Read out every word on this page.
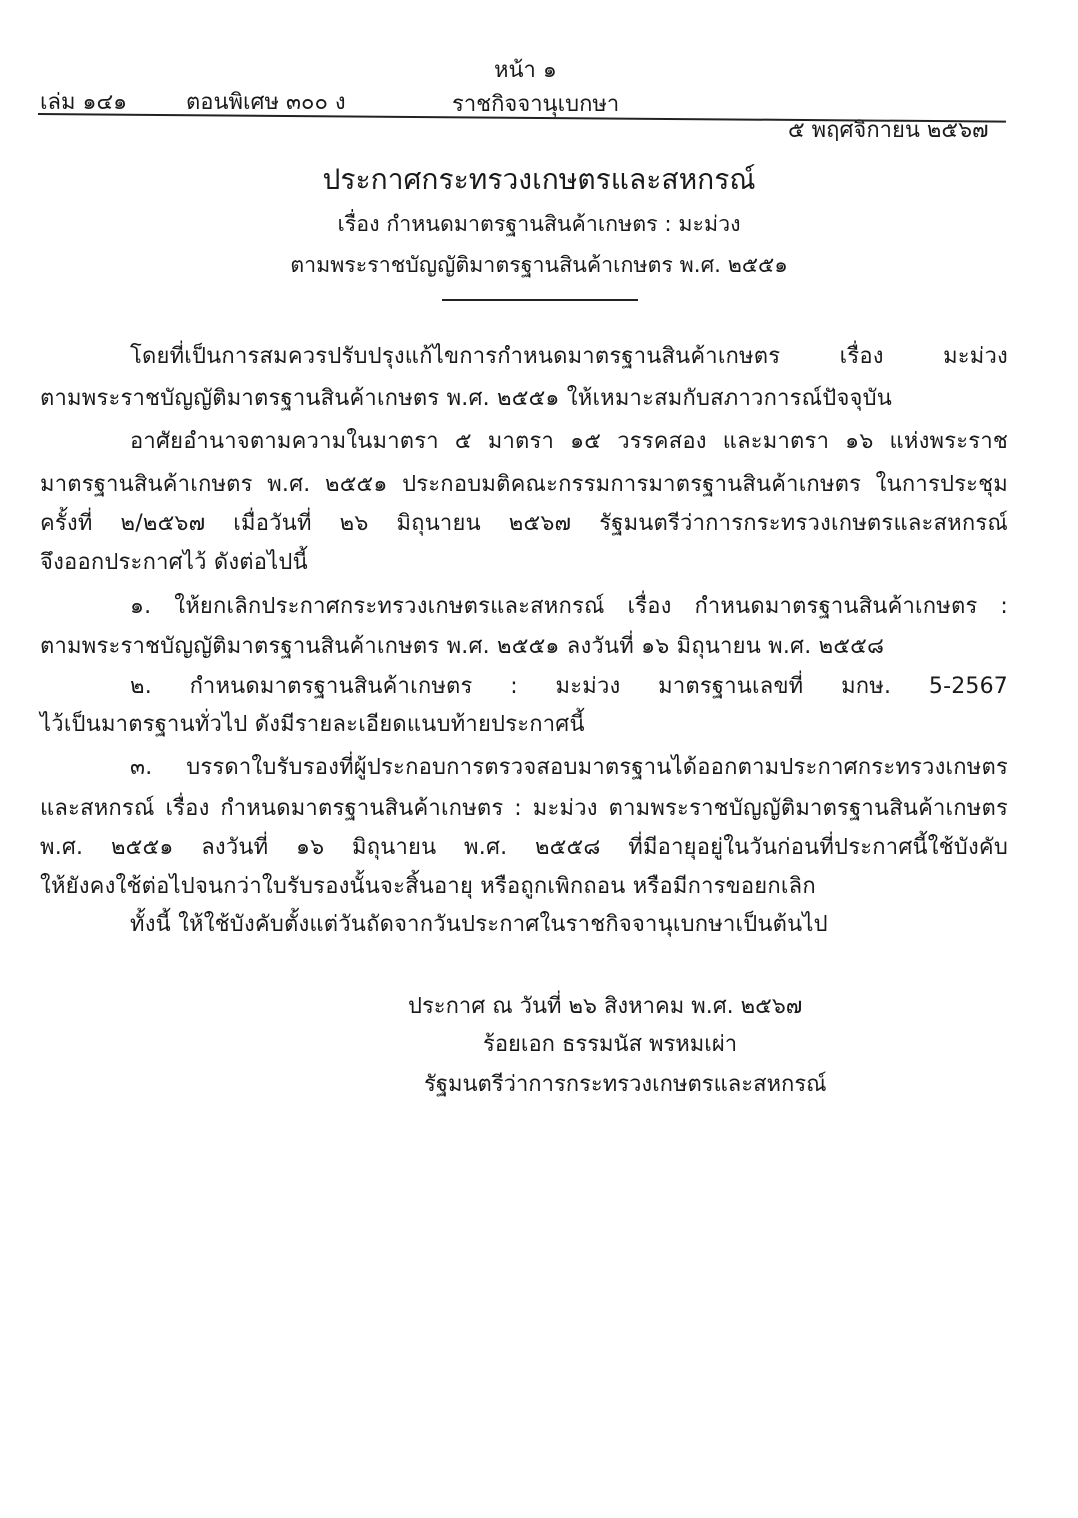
หน้า ๑
เล่ม ๑๔๑	ตอนพิเศษ ๓๐๐ ง	ราชกิจจานุเบกษา
๕ พฤศจิกายน ๒๕๖๗
ประกาศกระทรวงเกษตรและสหกรณ์
เรื่อง กำหนดมาตรฐานสินค้าเกษตร : มะม่วง
ตามพระราชบัญญัติมาตรฐานสินค้าเกษตร พ.ศ. ๒๕๕๑
โดยที่เป็นการสมควรปรับปรุงแก้ไขการกำหนดมาตรฐานสินค้าเกษตร เรื่อง มะม่วง
ตามพระราชบัญญัติมาตรฐานสินค้าเกษตร พ.ศ. ๒๕๕๑ ให้เหมาะสมกับสภาวการณ์ปัจจุบัน
อาศัยอำนาจตามความในมาตรา ๕ มาตรา ๑๕ วรรคสอง และมาตรา ๑๖ แห่งพระราช
มาตรฐานสินค้าเกษตร พ.ศ. ๒๕๕๑ ประกอบมติคณะกรรมการมาตรฐานสินค้าเกษตร ในการประชุม
ครั้งที่ ๒/๒๕๖๗ เมื่อวันที่ ๒๖ มิถุนายน ๒๕๖๗ รัฐมนตรีว่าการกระทรวงเกษตรและสหกรณ์
จึงออกประกาศไว้ ดังต่อไปนี้
๑. ให้ยกเลิกประกาศกระทรวงเกษตรและสหกรณ์ เรื่อง กำหนดมาตรฐานสินค้าเกษตร :
ตามพระราชบัญญัติมาตรฐานสินค้าเกษตร พ.ศ. ๒๕๕๑ ลงวันที่ ๑๖ มิถุนายน พ.ศ. ๒๕๕๘
๒. กำหนดมาตรฐานสินค้าเกษตร : มะม่วง มาตรฐานเลขที่ มกษ. 5-2567
ไว้เป็นมาตรฐานทั่วไป ดังมีรายละเอียดแนบท้ายประกาศนี้
๓. บรรดาใบรับรองที่ผู้ประกอบการตรวจสอบมาตรฐานได้ออกตามประกาศกระทรวงเกษตร
และสหกรณ์ เรื่อง กำหนดมาตรฐานสินค้าเกษตร : มะม่วง ตามพระราชบัญญัติมาตรฐานสินค้าเกษตร
พ.ศ. ๒๕๕๑ ลงวันที่ ๑๖ มิถุนายน พ.ศ. ๒๕๕๘ ที่มีอายุอยู่ในวันก่อนที่ประกาศนี้ใช้บังคับ
ให้ยังคงใช้ต่อไปจนกว่าใบรับรองนั้นจะสิ้นอายุ หรือถูกเพิกถอน หรือมีการขอยกเลิก
ทั้งนี้ ให้ใช้บังคับตั้งแต่วันถัดจากวันประกาศในราชกิจจานุเบกษาเป็นต้นไป
ประกาศ ณ วันที่ ๒๖ สิงหาคม พ.ศ. ๒๕๖๗
ร้อยเอก ธรรมนัส พรหมเผ่า
รัฐมนตรีว่าการกระทรวงเกษตรและสหกรณ์
